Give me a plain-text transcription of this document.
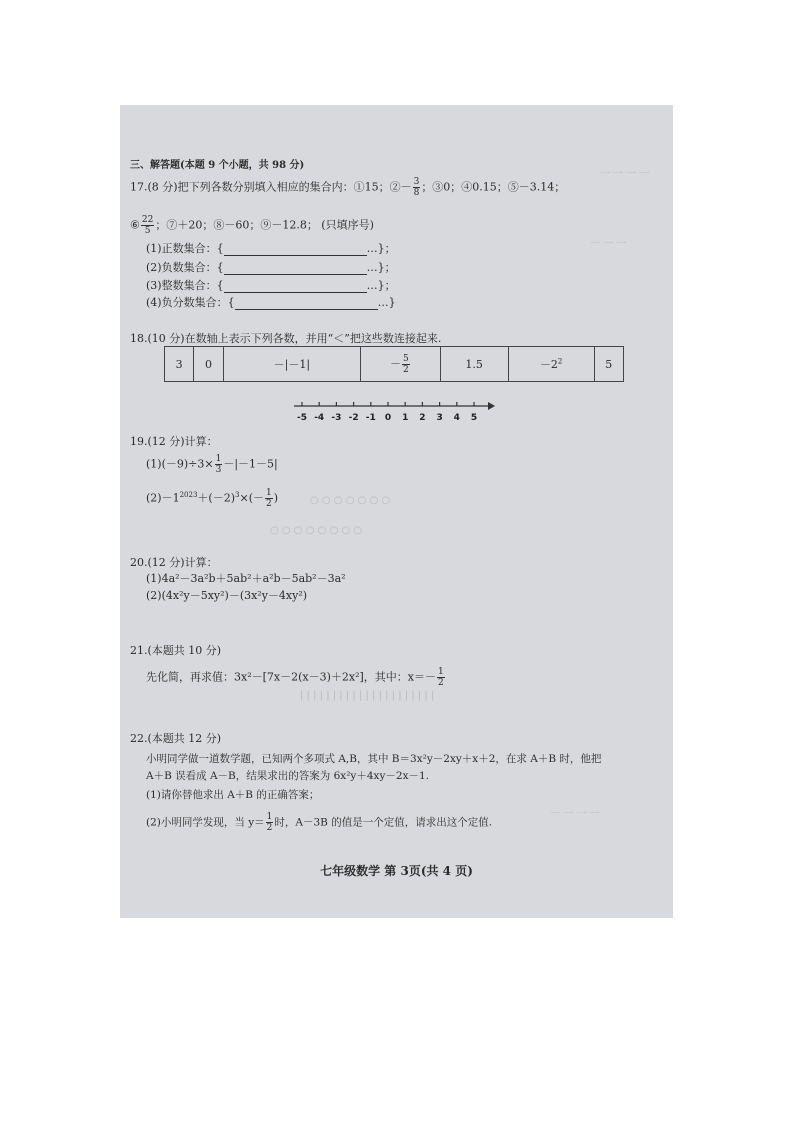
一 一 一 一
一 一 一
○ ○ ○ ○ ○ ○ ○
○ ○ ○ ○ ○ ○ ○ ○
| | | | | | | | | | | | | | | | | | | | |
一 一 一 一
三、解答题(本题 9 个小题，共 98 分)
17.(8 分)把下列各数分别填入相应的集合内：①15；②－ $\frac{3}{8}$ ；③0；④0.15；⑤－3.14；
⑥ $\frac{22}{5}$ ；⑦＋20；⑧－60；⑨－12.8； (只填序号)
(1)正数集合：{	…}；
(2)负数集合：{	…}；
(3)整数集合：{	…}；
(4)负分数集合：{	…}
18.(10 分)在数轴上表示下列各数，并用“＜”把这些数连接起来.
3	0	－|－1|	－ $\frac{5}{2}$	1.5	$-2^2$	5
-5 -4 -3 -2 -1 0 1 2 3 4 5
19.(12 分)计算：
$(1)(-9)\div 3\times \frac{1}{3} -|-1-5|$
$(2)-1^{2023}+(-2)^3\times(- \frac{1}{2}$ )
20.(12 分)计算：
(1)4a²－3a²b＋5ab²＋a²b－5ab²－3a²
(2)(4x²y－5xy²)－(3x²y－4xy²)
21.(本题共 10 分)
先化简，再求值：3x²－[7x－2(x－3)＋2x²]，其中：$x=- \frac{1}{2}$
22.(本题共 12 分)
小明同学做一道数学题，已知两个多项式 A,B，其中 B＝3x²y－2xy＋x＋2，在求 A＋B 时，他把
A＋B 误看成 A－B，结果求出的答案为 6x²y＋4xy－2x－1.
(1)请你替他求出 A＋B 的正确答案；
(2)小明同学发现，当 $y= \frac{1}{2}$ 时，A－3B 的值是一个定值，请求出这个定值.
七年级数学 第 3页(共 4 页)
